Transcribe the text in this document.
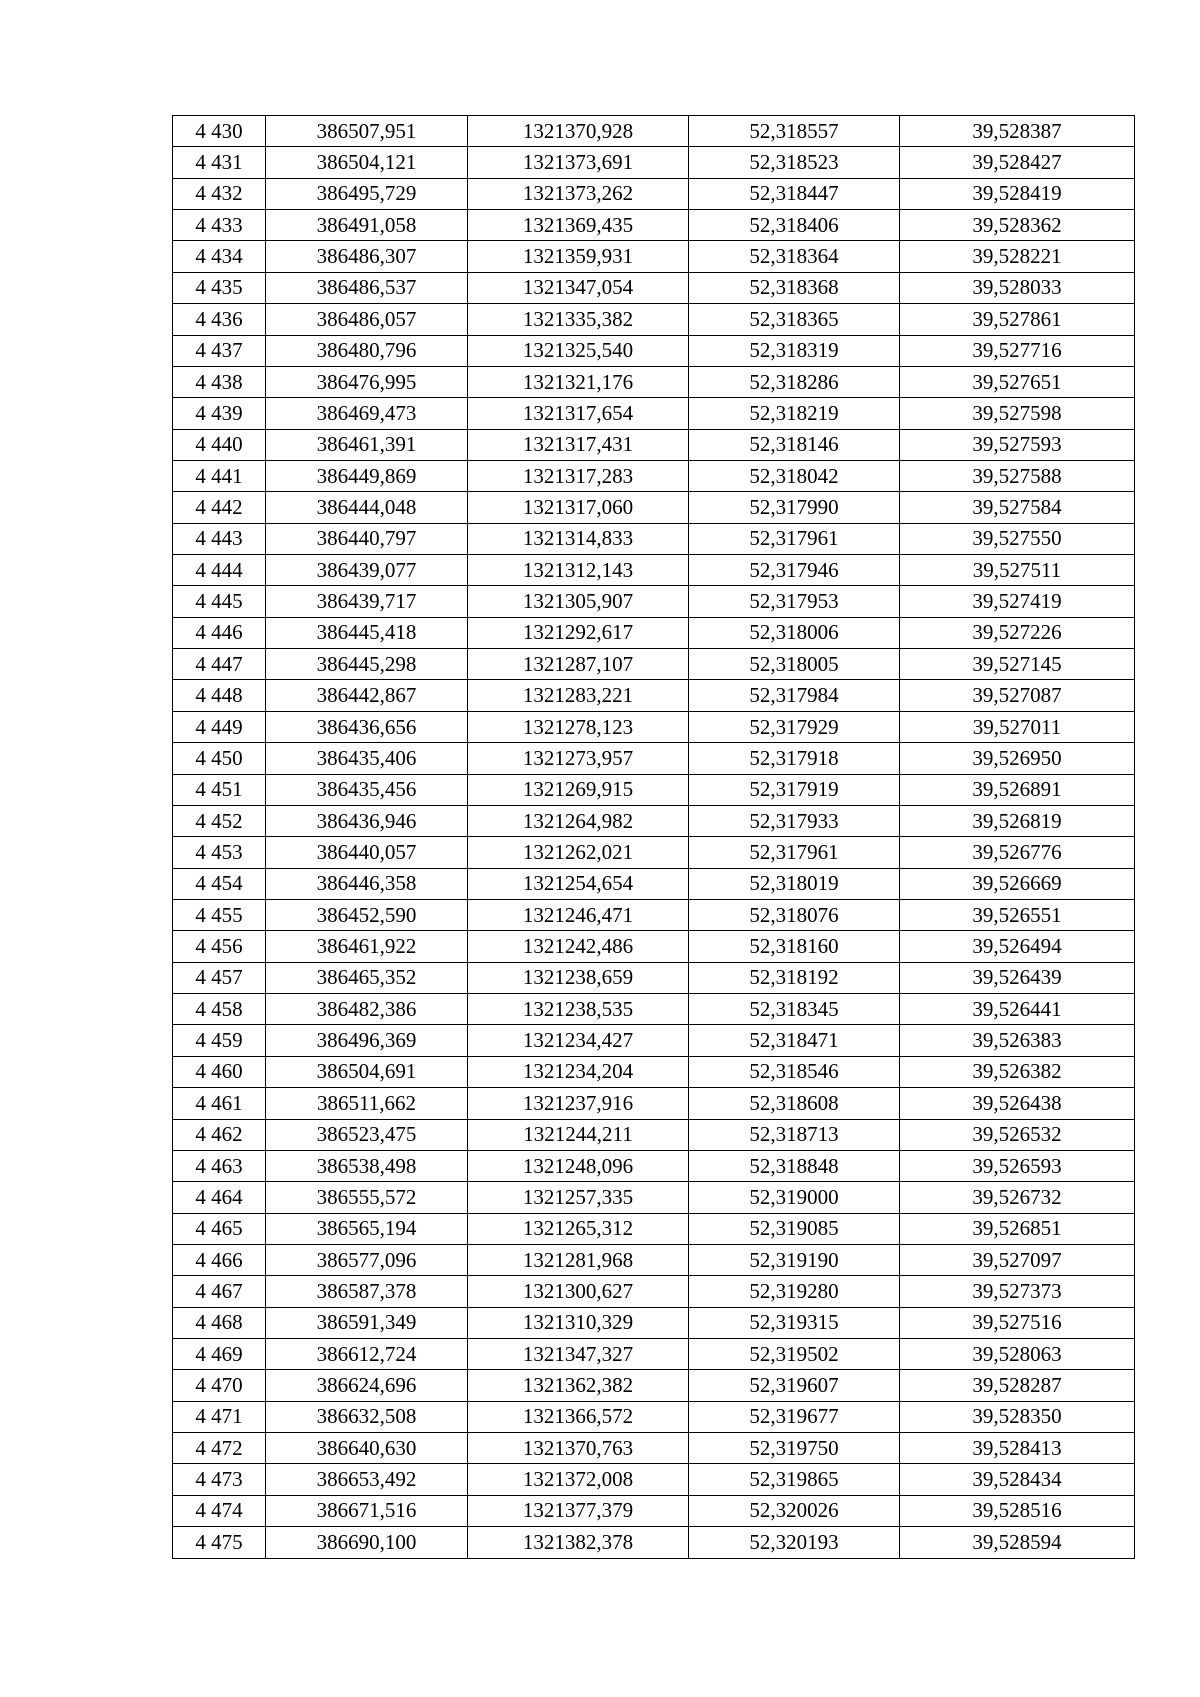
4 430	386507,951	1321370,928	52,318557	39,528387
4 431	386504,121	1321373,691	52,318523	39,528427
4 432	386495,729	1321373,262	52,318447	39,528419
4 433	386491,058	1321369,435	52,318406	39,528362
4 434	386486,307	1321359,931	52,318364	39,528221
4 435	386486,537	1321347,054	52,318368	39,528033
4 436	386486,057	1321335,382	52,318365	39,527861
4 437	386480,796	1321325,540	52,318319	39,527716
4 438	386476,995	1321321,176	52,318286	39,527651
4 439	386469,473	1321317,654	52,318219	39,527598
4 440	386461,391	1321317,431	52,318146	39,527593
4 441	386449,869	1321317,283	52,318042	39,527588
4 442	386444,048	1321317,060	52,317990	39,527584
4 443	386440,797	1321314,833	52,317961	39,527550
4 444	386439,077	1321312,143	52,317946	39,527511
4 445	386439,717	1321305,907	52,317953	39,527419
4 446	386445,418	1321292,617	52,318006	39,527226
4 447	386445,298	1321287,107	52,318005	39,527145
4 448	386442,867	1321283,221	52,317984	39,527087
4 449	386436,656	1321278,123	52,317929	39,527011
4 450	386435,406	1321273,957	52,317918	39,526950
4 451	386435,456	1321269,915	52,317919	39,526891
4 452	386436,946	1321264,982	52,317933	39,526819
4 453	386440,057	1321262,021	52,317961	39,526776
4 454	386446,358	1321254,654	52,318019	39,526669
4 455	386452,590	1321246,471	52,318076	39,526551
4 456	386461,922	1321242,486	52,318160	39,526494
4 457	386465,352	1321238,659	52,318192	39,526439
4 458	386482,386	1321238,535	52,318345	39,526441
4 459	386496,369	1321234,427	52,318471	39,526383
4 460	386504,691	1321234,204	52,318546	39,526382
4 461	386511,662	1321237,916	52,318608	39,526438
4 462	386523,475	1321244,211	52,318713	39,526532
4 463	386538,498	1321248,096	52,318848	39,526593
4 464	386555,572	1321257,335	52,319000	39,526732
4 465	386565,194	1321265,312	52,319085	39,526851
4 466	386577,096	1321281,968	52,319190	39,527097
4 467	386587,378	1321300,627	52,319280	39,527373
4 468	386591,349	1321310,329	52,319315	39,527516
4 469	386612,724	1321347,327	52,319502	39,528063
4 470	386624,696	1321362,382	52,319607	39,528287
4 471	386632,508	1321366,572	52,319677	39,528350
4 472	386640,630	1321370,763	52,319750	39,528413
4 473	386653,492	1321372,008	52,319865	39,528434
4 474	386671,516	1321377,379	52,320026	39,528516
4 475	386690,100	1321382,378	52,320193	39,528594
